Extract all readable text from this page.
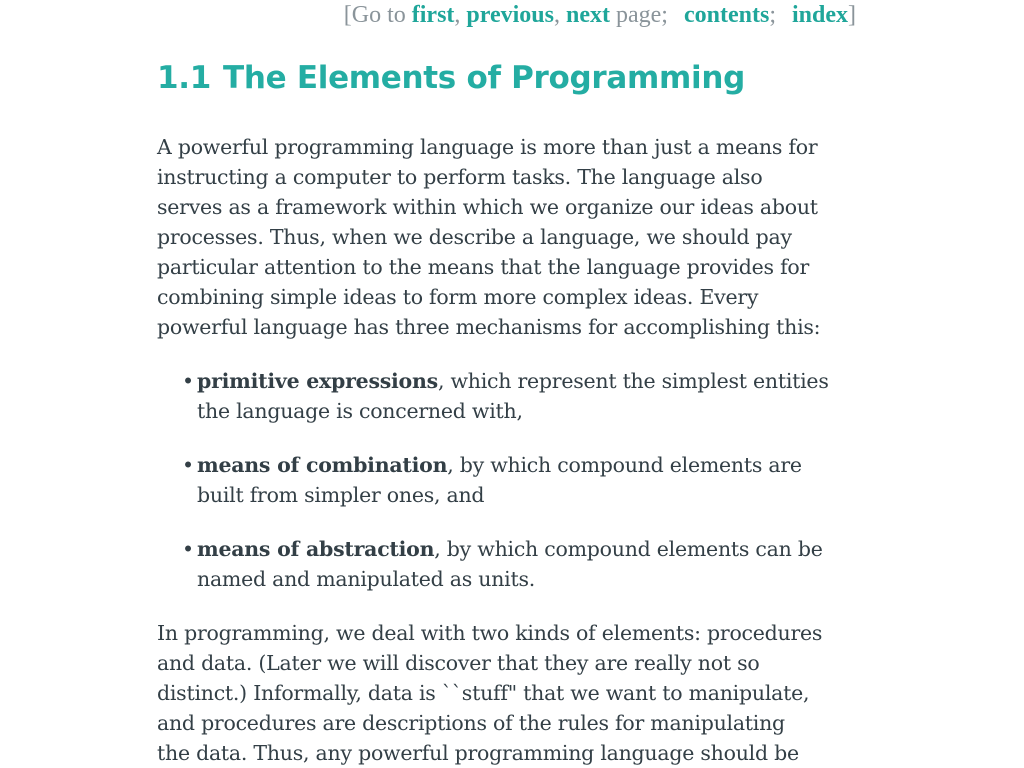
[Go to first, previous, next page; contents; index]
1.1 The Elements of Programming

A powerful programming language is more than just a means for

instructing a computer to perform tasks. The language also

serves as a framework within which we organize our ideas about

processes. Thus, when we describe a language, we should pay

particular attention to the means that the language provides for

combining simple ideas to form more complex ideas. Every

powerful language has three mechanisms for accomplishing this:

• primitive expressions, which represent the simplest entities
the language is concerned with,
• means of combination, by which compound elements are
built from simpler ones, and
• means of abstraction, by which compound elements can be
named and manipulated as units.

In programming, we deal with two kinds of elements: procedures

and data. (Later we will discover that they are really not so

distinct.) Informally, data is ``stuff" that we want to manipulate,

and procedures are descriptions of the rules for manipulating

the data. Thus, any powerful programming language should be
